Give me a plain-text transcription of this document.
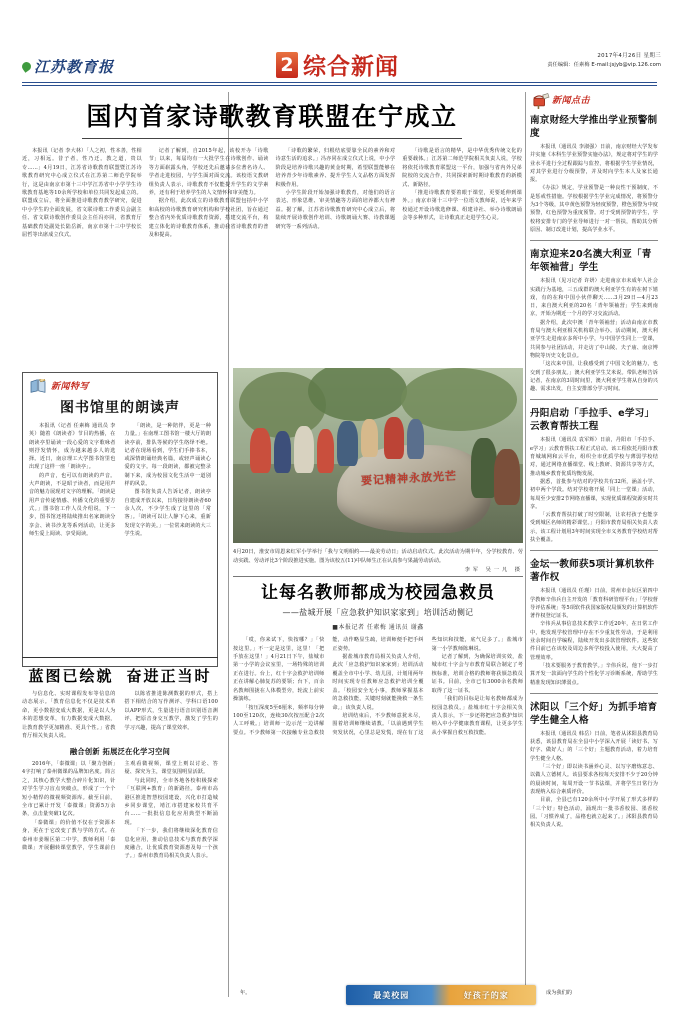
江苏教育报	2 综合新闻	2017年4月26日 星期三
责任编辑：任素梅 E-mail:jsjyb@vip.126.com
国内首家诗歌教育联盟在宁成立

本报讯（记者 李大林）「人之初，性本善，性相近，习相远。昔子者，性乃迁。教之道，贵以专……」4月19日，江苏省诗歌教育联盟暨江苏诗歌教育研究中心成立仪式在江苏第二师范学院举行，这是由南京市第十三中学江苏省中小学学生诗歌教育基地等10余所学校和单位共同发起成立的。联盟成立后，将全面推进诗歌教育教学研究，促进中小学生的全面发展，省文联诗歌工作委员会副主任、省文联诗歌创作委员会主任冯亦同，省教育厅基础教育处副处长陆岳新，南京市第十三中学校长屈哲等出席成立仪式。

记者了解到，自2015年起，该校开办「诗歌节」以来，每届均有一大批学生在诗歌创作、诵读等方面崭露头角，学校还先后邀请多位著名诗人、学者走进校园，与学生面对面交流。该校语文教研组负责人表示，诗歌教育不仅能提升学生的文学素养，还有利于培养学生的人文情怀和审美能力。

据介绍，此次成立的诗歌教育联盟包括中小学和高校的诗歌教育研究机构和学校社团，旨在通过整合省内外优质诗歌教育资源，搭建交流平台，构建立体化的诗歌教育体系，推动我省诗歌教育的普及和提高。

「诗歌的繁荣，归根结底要靠全民的素养和对诗意生活的追求。」冯亦同在成立仪式上说，中小学阶段是培养诗歌兴趣的黄金时期，希望联盟能够在培养青少年诗歌素养、提升学生人文品格方面发挥积极作用。

小学生阶段开始加强诗歌教育，对他们的语言表达、形象思维、审美情趣等方面的培养都大有裨益。据了解，江苏省诗歌教育研究中心成立后，将陆续开展诗歌创作培训、诗歌朗诵大赛、诗教课题研究等一系列活动。

「诗歌是语言的精华，是中华优秀传统文化的重要载体。」江苏第二师范学院相关负责人说，学校将依托诗歌教育联盟这一平台，加强与省内外兄弟院校的交流合作，共同探索新时期诗歌教育的新模式、新路径。

「推进诗歌教育要着眼于课堂，更要延伸到课外。」南京市第十三中学一位语文教师说，近年来学校通过开设诗歌选修课、组建诗社、举办诗歌朗诵会等多种形式，让诗歌真正走进学生心灵。

新闻特写
图书馆里的朗读声

本报讯（记者 任素梅 通讯员 李英）随着《朗读者》节目的热播，在朗读亭里诵读一段心爱的文字歌咏者则抒发情怀，成为越来越多人的选择。近日，南京理工大学图书馆里也出现了这样一座「朗读亭」。

的声音，也可以有朗读的声音。大声朗读，不是昭子读者，而是用声音的魅力展现对文字的理解。「朗读是用声音传递情感、传播文化的重要方式。」图书馆工作人员介绍说，下一步，图书馆还将陆续推出名家朗读分享会、读书沙龙等系列活动，让更多师生爱上阅读、享受阅读。

「朗读，是一种陪伴，更是一种力量。」在南理工图书馆一楼大厅的朗读亭前，排队等候的学生络绎不绝。记者在现场看到，学生们手捧书本，或深情朗诵经典名篇，或轻声诵读心爱的文字。每一段朗读，都被完整录制下来，成为校园文化生活中一道别样的风景。

图书馆负责人告诉记者，朗读亭自建成开放以来，日均接待朗读者60余人次，不少学生成了这里的「常客」。「朗读可以让人静下心来，重新发现文字的美。」一位常来朗读的大三学生说。

蓝图已绘就 奋进正当时

与信息化、实时课程发布等信息的动态展示。「教育信息化不仅是技术革命，更小数据变成大数据，更是以人为本的思想变革，有力数据变成大数据，让教育教学更加精准、更具个性。」省教育厅相关负责人说。

以陈省推进陈测数据的形式，搭上搭下相结合的写作测评、学科口语100以APP形式，生量进行语音识别语音测评，把原音身交互教学，激发了学生的学习兴趣，提高了课堂效率。

融合创新 拓展泛在化学习空间

2016年，「泰微课」以「聚力创新」4字打响了泰州微课的品牌知名度。简言之，其核心教学大整合碎片化知识，针对学生学习盲点突破点，形成了一个个短小精悍的微视频资源库。截至目前，全市已累计开发「泰微课」资源5万余条，点击量突破1亿次。

「泰微课」的价值不仅在于资源本身，更在于它改变了教与学的方式。在泰州市姜堰区第二中学，教师利用「泰微课」开展翻转课堂教学，学生课前自主观看微视频，课堂上则以讨论、答疑、探究为主，课堂氛围明显活跃。

与此同时，全市各地各校积极探索「互联网+教育」的新路径。泰州市高港区推进智慧校园建设，兴化市打造城乡同步课堂，靖江市搭建家校共育平台……一批批信息化应用典型不断涌现。

「下一步，我们将继续深化教育信息化应用，推动信息技术与教育教学深度融合，让优质教育资源惠及每一个孩子。」泰州市教育局相关负责人表示。

要记精神永放光芒
4月20日，淮安市周恩来红军小学举行「我与文明相约——最美劳动日」活动启动仪式。此次活动为期半年，分学校教育、劳动实践、劳动评比3个阶段推进实施。图为该校五(11)中队师生正在认真参与果蔬劳动活动。
李军 吴一凡 摄
让每名教师都成为校园急救员
——盐城开展「应急救护知识家家到」培训活动侧记
■本报记者 任素梅 通讯员 谢鑫

「哎，你来试下，快按哪？」「快按这里。」不一定是这里，这里！「把手放在这里！」4月21日下午，盐城市第一小学的会议室里，一场特殊的培训正在进行。台上，红十字会救护培训师正在讲解心肺复苏的要领；台下，百余名教师围拢在人体模型旁，轮流上前实操演练。

「按压深度5至6厘米，频率每分钟100至120次，连续30次按压配合2次人工呼吸。」培训师一边示范一边讲解要点。不少教师第一次接触专业急救技能，动作略显生疏，培训师便手把手纠正姿势。

据盐城市教育局相关负责人介绍，此次「应急救护知识家家到」培训活动覆盖全市中小学、幼儿园，计划用两年时间实现专任教师应急救护培训全覆盖。「校园安全无小事，教师掌握基本的急救技能，关键时刻就能挽救一条生命。」该负责人说。

培训结束后，不少教师意犹未尽，围着培训师继续请教。「以前遇到学生突发状况，心里总是发慌，现在有了这些知识和技能，底气足多了。」盐城市第一小学教师陈琳说。

记者了解到，为确保培训实效，盐城市红十字会与市教育局联合制定了考核标准，培训合格的教师将获颁急救员证书。目前，全市已有3000余名教师取得了这一证书。

「我们的目标是让每名教师都成为校园急救员。」盐城市红十字会相关负责人表示，下一步还将把应急救护知识纳入中小学健康教育课程，让更多学生从小掌握自救互救技能。

新闻点击
南京财经大学推出学业预警制度

本报讯（通讯员 李淑强）日前，南京财经大学发布并实施《本科生学业预警实施办法》，规定将对学生的学业水平进行全过程跟踪与监控，将根据学生学业情况，对其学业进行分级预警，并及时向学生本人及家长通报。

《办法》规定，学业预警是一种良性干预制度，不是惩戒性措施。学校根据学生学业完成情况，将预警分为3个等级，其中黄色预警为轻度预警，橙色预警为中度预警，红色预警为重度预警。对于受到预警的学生，学校将安排专门的学业导师进行一对一帮扶，帮助其分析原因、制订改进计划，提高学业水平。

南京迎来20名澳大利亚「青年领袖营」学生

本报讯（见习记者 许妍）走进南京市未成年人社会实践行为基地，三五成群的澳大利亚学生有的在树下嬉戏，有的在和中国小伙伴聊天……3月29日—4月23日，来自澳大利亚的20名「青年领袖营」学生来到南京，开始为期近一个月的学习交流活动。

据介绍，此次中澳「青年领袖营」活动由南京市教育局与澳大利亚相关机构联合举办。活动期间，澳大利亚学生走进南京多所中小学，与中国学生同上一堂课，共同参与社团活动，并走访了中山陵、夫子庙、南京博物院等历史文化景点。

「这次来中国，让我感受到了中国文化的魅力，也交到了很多朋友。」澳大利亚学生艾米说。带队老师告诉记者，在南京的3周时间里，澳大利亚学生将从自身的兴趣、需求出发，自主安排部分学习时间。

丹阳启动「手拉手、e学习」云教育帮扶工程

本报讯（通讯员 袁军辉）日前，丹阳市「手拉手、e学习」云教育帮扶工程正式启动。该工程依托丹阳市教育城域网和云平台，组织全市优质学校与薄弱学校结对，通过网络直播课堂、线上教研、资源共享等方式，推动城乡教育优质均衡发展。

据悉，首批参与结对的学校共有32所，涵盖小学、初中两个学段。结对学校将开展「同上一堂课」活动，每周至少安排2节网络直播课，实现优质课程资源实时共享。

「云教育帮扶打破了时空限制，让农村孩子也能享受到城区名师的精彩课堂。」丹阳市教育局相关负责人表示，该工程计划用3年时间实现全市义务教育学校结对帮扶全覆盖。

金坛一教师获5项计算机软件著作权

本报讯（通讯员 任瑾）日前，常州市金坛区第四中学教师辛伟兵自主开发的「教育科研管理平台」「学校督导评估系统」等5项软件获国家版权局颁发的计算机软件著作权登记证书。

辛伟兵从事信息技术教学工作近20年，在日常工作中，他发现学校管理中存在不少重复性劳动，于是利用业余时间自学编程，陆续开发出多款管理软件。这些软件目前已在该校及周边多所学校投入使用，大大提高了管理效率。

「技术要服务于教育教学。」辛伟兵说，他下一步打算开发一款面向学生的个性化学习诊断系统，帮助学生精准发现知识薄弱点。

沭阳以「三个好」为抓手培育学生健全人格

本报讯（通讯员 韩岳）日前，笔者从沭阳县教育局获悉，该县教育局在全县中小学深入开展「读好书、写好字、做好人」的「三个好」主题教育活动，着力培育学生健全人格。

「三个好」即以读书涵养心灵、以写字磨炼意志、以做人立德树人。该县要求各校每天安排不少于20分钟的晨读时间，每周开设一节书法课，并将学生日常行为表现纳入综合素质评价。

目前，全县已有120余所中小学开展了形式多样的「三个好」特色活动，涌现出一批书香校园、墨香校园。「习惯养成了，品格也就立起来了。」沭阳县教育局相关负责人说。

年。	最美校园	好孩子的家	成为我们的
